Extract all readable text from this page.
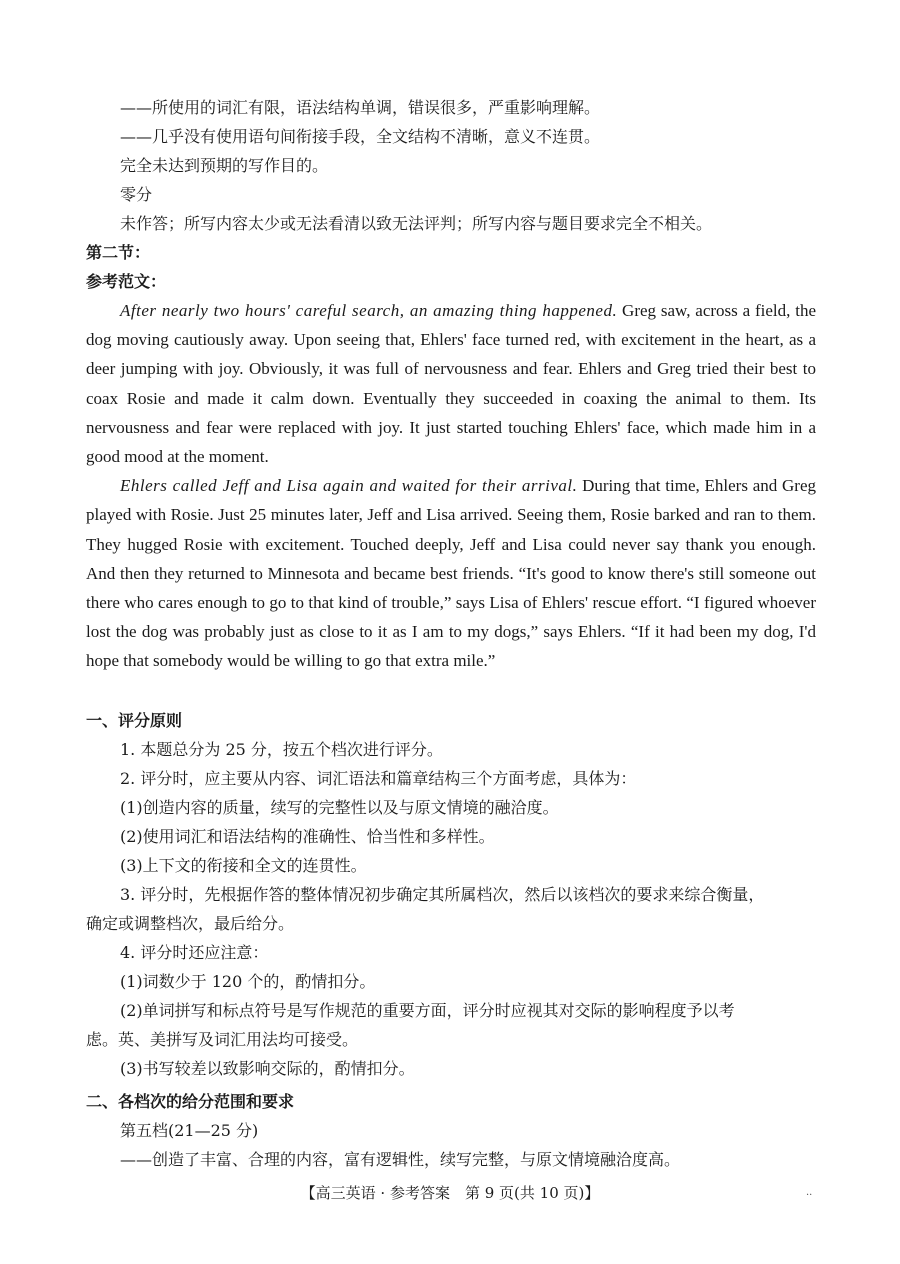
——所使用的词汇有限，语法结构单调，错误很多，严重影响理解。
——几乎没有使用语句间衔接手段，全文结构不清晰，意义不连贯。
完全未达到预期的写作目的。
零分
未作答；所写内容太少或无法看清以致无法评判；所写内容与题目要求完全不相关。
第二节：
参考范文：

After nearly two hours' careful search, an amazing thing happened. Greg saw, across a field, the dog moving cautiously away. Upon seeing that, Ehlers' face turned red, with excitement in the heart, as a deer jumping with joy. Obviously, it was full of nervousness and fear. Ehlers and Greg tried their best to coax Rosie and made it calm down. Eventually they succeeded in coaxing the animal to them. Its nervousness and fear were replaced with joy. It just started touching Ehlers' face, which made him in a good mood at the moment.

Ehlers called Jeff and Lisa again and waited for their arrival. During that time, Ehlers and Greg played with Rosie. Just 25 minutes later, Jeff and Lisa arrived. Seeing them, Rosie barked and ran to them. They hugged Rosie with excitement. Touched deeply, Jeff and Lisa could never say thank you enough. And then they returned to Minnesota and became best friends. “It's good to know there's still someone out there who cares enough to go to that kind of trouble,” says Lisa of Ehlers' rescue effort. “I figured whoever lost the dog was probably just as close to it as I am to my dogs,” says Ehlers. “If it had been my dog, I'd hope that somebody would be willing to go that extra mile.”

一、评分原则
1. 本题总分为 25 分，按五个档次进行评分。
2. 评分时，应主要从内容、词汇语法和篇章结构三个方面考虑，具体为：
(1)创造内容的质量，续写的完整性以及与原文情境的融洽度。
(2)使用词汇和语法结构的准确性、恰当性和多样性。
(3)上下文的衔接和全文的连贯性。
3. 评分时，先根据作答的整体情况初步确定其所属档次，然后以该档次的要求来综合衡量，
确定或调整档次，最后给分。
4. 评分时还应注意：
(1)词数少于 120 个的，酌情扣分。
(2)单词拼写和标点符号是写作规范的重要方面，评分时应视其对交际的影响程度予以考
虑。英、美拼写及词汇用法均可接受。
(3)书写较差以致影响交际的，酌情扣分。
二、各档次的给分范围和要求
第五档(21—25 分)
——创造了丰富、合理的内容，富有逻辑性，续写完整，与原文情境融洽度高。
【高三英语 · 参考答案　第 9 页(共 10 页)】	··
